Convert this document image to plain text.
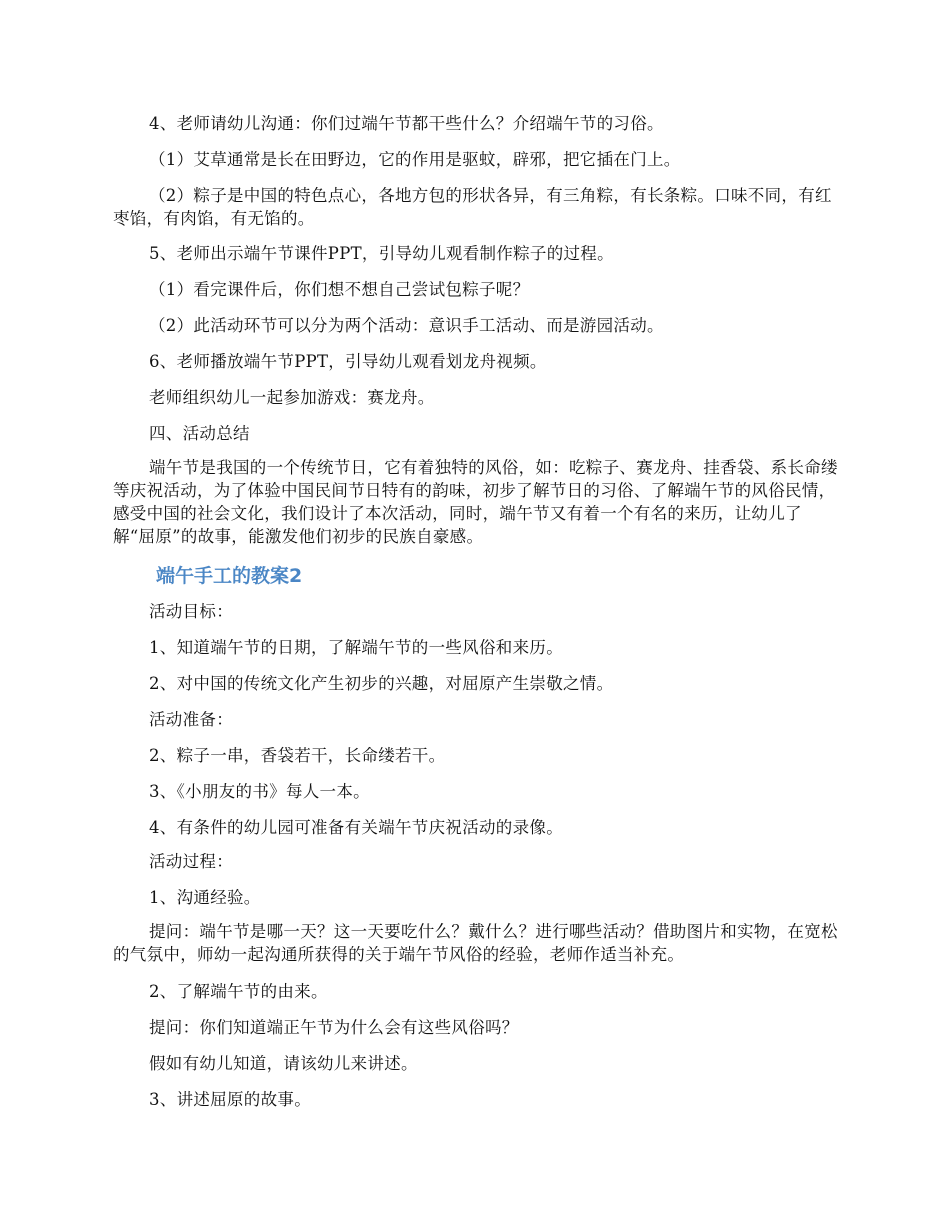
4、老师请幼儿沟通：你们过端午节都干些什么？介绍端午节的习俗。

（1）艾草通常是长在田野边，它的作用是驱蚊，辟邪，把它插在门上。

（2）粽子是中国的特色点心，各地方包的形状各异，有三角粽，有长条粽。口味不同，有红枣馅，有肉馅，有无馅的。

5、老师出示端午节课件PPT，引导幼儿观看制作粽子的过程。

（1）看完课件后，你们想不想自己尝试包粽子呢？

（2）此活动环节可以分为两个活动：意识手工活动、而是游园活动。

6、老师播放端午节PPT，引导幼儿观看划龙舟视频。

老师组织幼儿一起参加游戏：赛龙舟。

四、活动总结

端午节是我国的一个传统节日，它有着独特的风俗，如：吃粽子、赛龙舟、挂香袋、系长命缕等庆祝活动，为了体验中国民间节日特有的韵味，初步了解节日的习俗、了解端午节的风俗民情，感受中国的社会文化，我们设计了本次活动，同时，端午节又有着一个有名的来历，让幼儿了解“屈原”的故事，能激发他们初步的民族自豪感。

端午手工的教案2

活动目标：

1、知道端午节的日期，了解端午节的一些风俗和来历。

2、对中国的传统文化产生初步的兴趣，对屈原产生崇敬之情。

活动准备：

2、粽子一串，香袋若干，长命缕若干。

3、《小朋友的书》每人一本。

4、有条件的幼儿园可准备有关端午节庆祝活动的录像。

活动过程：

1、沟通经验。

提问：端午节是哪一天？这一天要吃什么？戴什么？进行哪些活动？借助图片和实物，在宽松的气氛中，师幼一起沟通所获得的关于端午节风俗的经验，老师作适当补充。

2、了解端午节的由来。

提问：你们知道端正午节为什么会有这些风俗吗？

假如有幼儿知道，请该幼儿来讲述。

3、讲述屈原的故事。
